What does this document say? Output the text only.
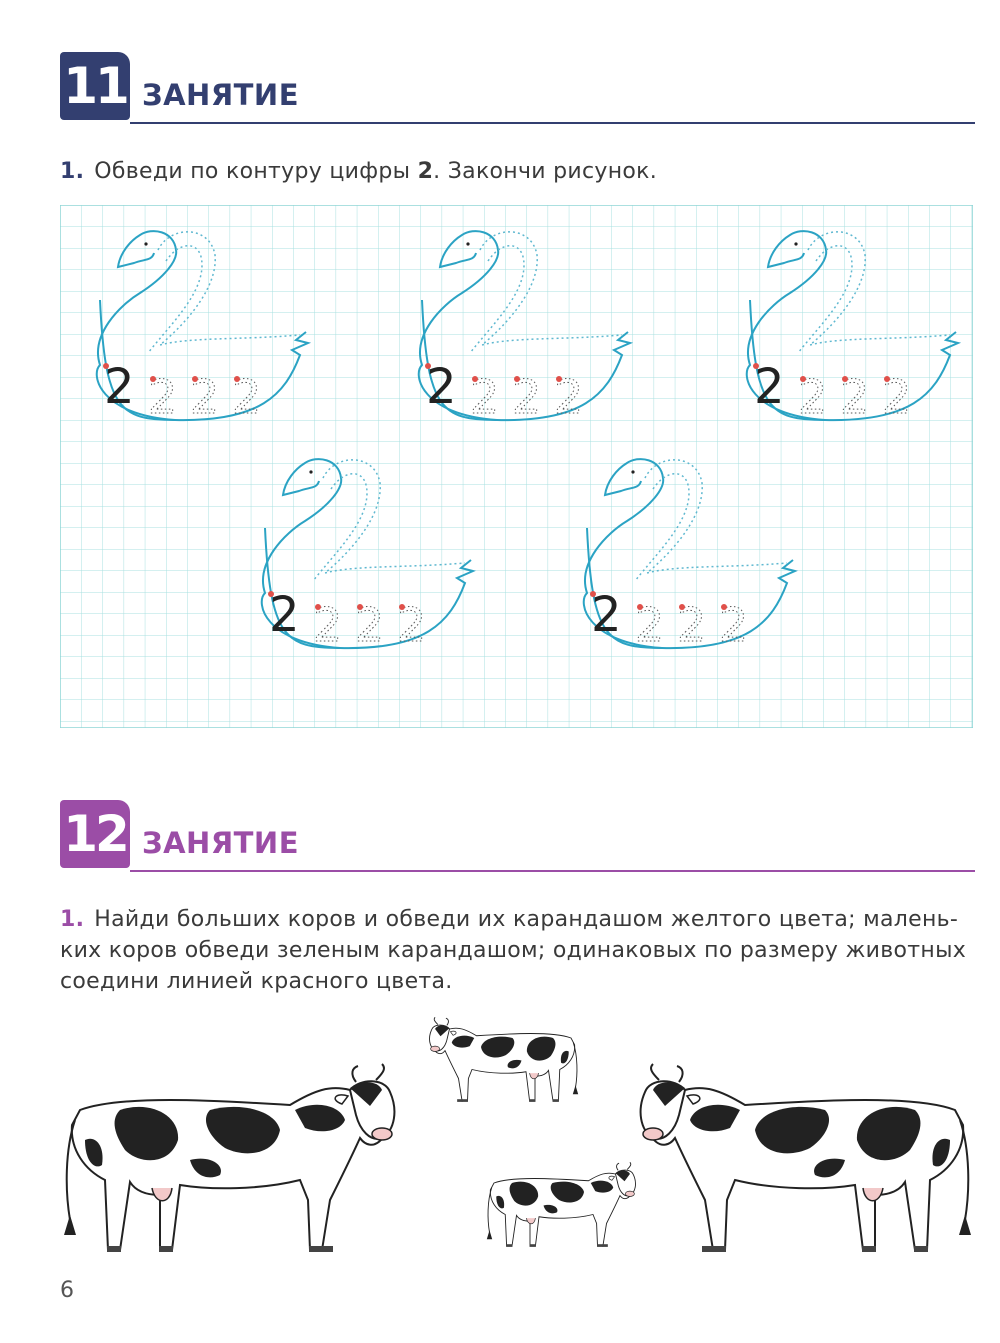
11 ЗАНЯТИЕ
1. Обведи по контуру цифры 2. Закончи рисунок.
12 ЗАНЯТИЕ
1. Найди больших коров и обведи их карандашом желтого цвета; малень-
ких коров обведи зеленым карандашом; одинаковых по размеру животных
соедини линией красного цвета.
6
